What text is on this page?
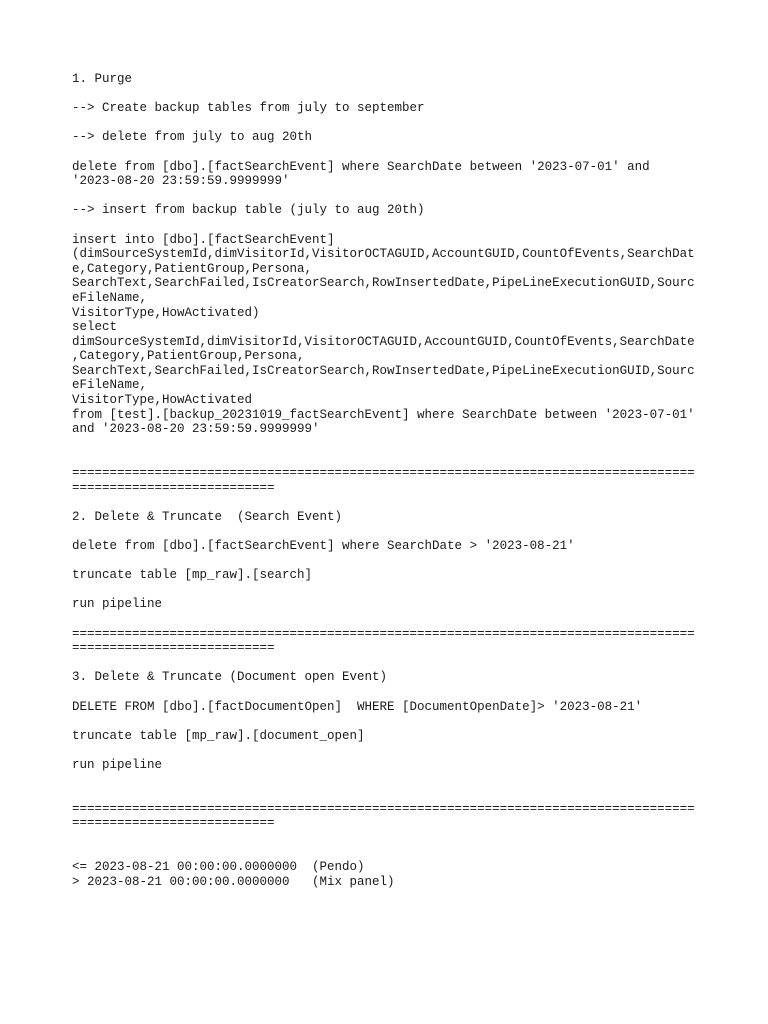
1. Purge
--> Create backup tables from july to september
--> delete from july to aug 20th
delete from [dbo].[factSearchEvent] where SearchDate between '2023-07-01' and
'2023-08-20 23:59:59.9999999'
--> insert from backup table (july to aug 20th)
insert into [dbo].[factSearchEvent]
(dimSourceSystemId,dimVisitorId,VisitorOCTAGUID,AccountGUID,CountOfEvents,SearchDat
e,Category,PatientGroup,Persona,
SearchText,SearchFailed,IsCreatorSearch,RowInsertedDate,PipeLineExecutionGUID,Sourc
eFileName,
VisitorType,HowActivated)
select
dimSourceSystemId,dimVisitorId,VisitorOCTAGUID,AccountGUID,CountOfEvents,SearchDate
,Category,PatientGroup,Persona,
SearchText,SearchFailed,IsCreatorSearch,RowInsertedDate,PipeLineExecutionGUID,Sourc
eFileName,
VisitorType,HowActivated
from [test].[backup_20231019_factSearchEvent] where SearchDate between '2023-07-01'
and '2023-08-20 23:59:59.9999999'
===================================================================================
===========================
2. Delete & Truncate  (Search Event)
delete from [dbo].[factSearchEvent] where SearchDate > '2023-08-21'
truncate table [mp_raw].[search]
run pipeline
===================================================================================
===========================
3. Delete & Truncate (Document open Event)
DELETE FROM [dbo].[factDocumentOpen]  WHERE [DocumentOpenDate]> '2023-08-21'
truncate table [mp_raw].[document_open]
run pipeline
===================================================================================
===========================
<= 2023-08-21 00:00:00.0000000  (Pendo)
> 2023-08-21 00:00:00.0000000   (Mix panel)
